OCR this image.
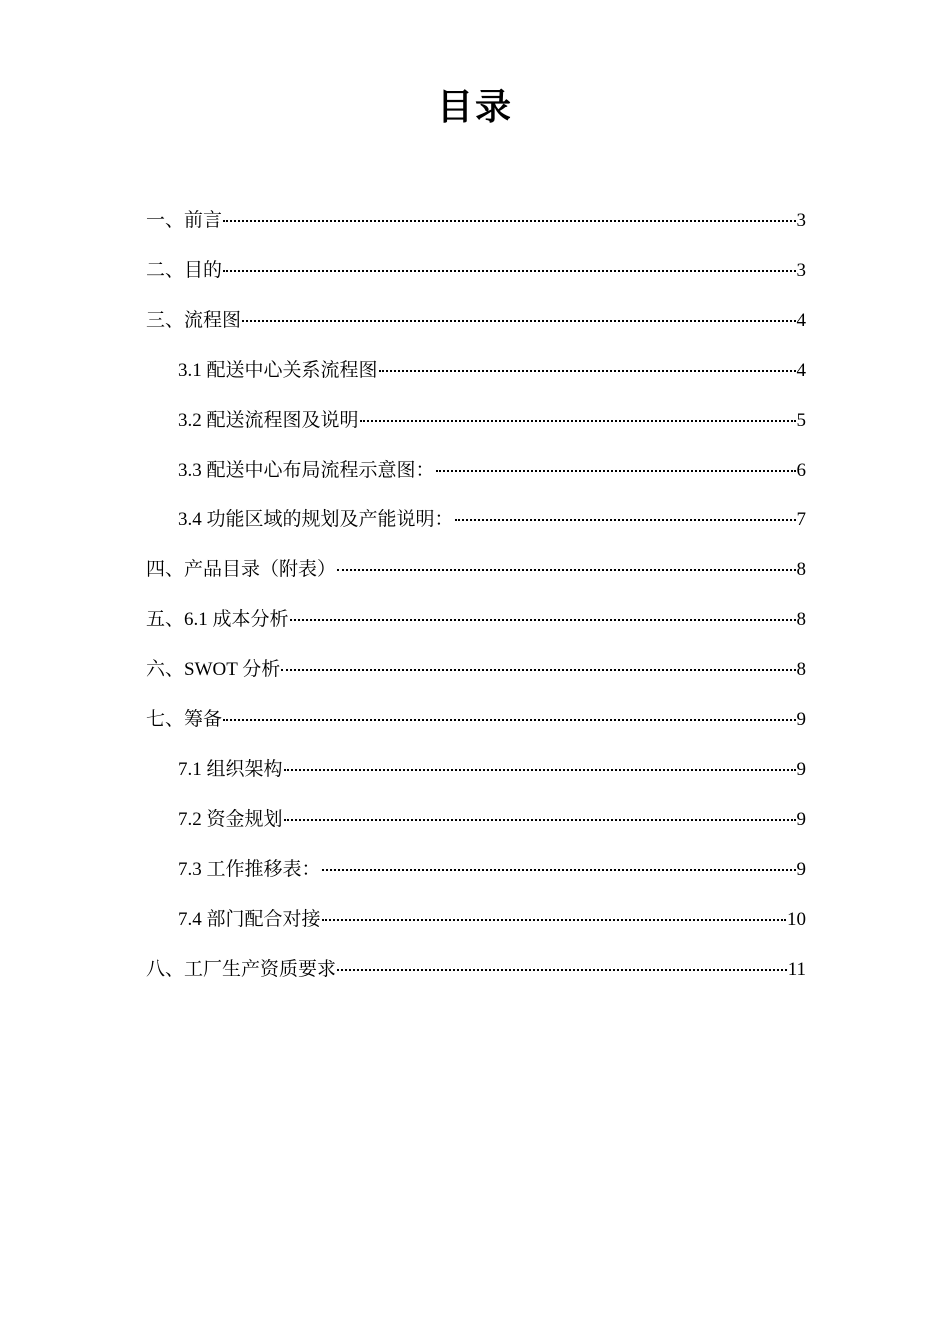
目录
一、前言	3
二、目的	3
三、流程图	4
3.1 配送中心关系流程图	4
3.2 配送流程图及说明	5
3.3 配送中心布局流程示意图：	6
3.4 功能区域的规划及产能说明：	7
四、产品目录（附表）	8
五、6.1 成本分析	8
六、SWOT 分析	8
七、筹备	9
7.1 组织架构	9
7.2 资金规划	9
7.3 工作推移表：	9
7.4 部门配合对接	10
八、工厂生产资质要求	11
